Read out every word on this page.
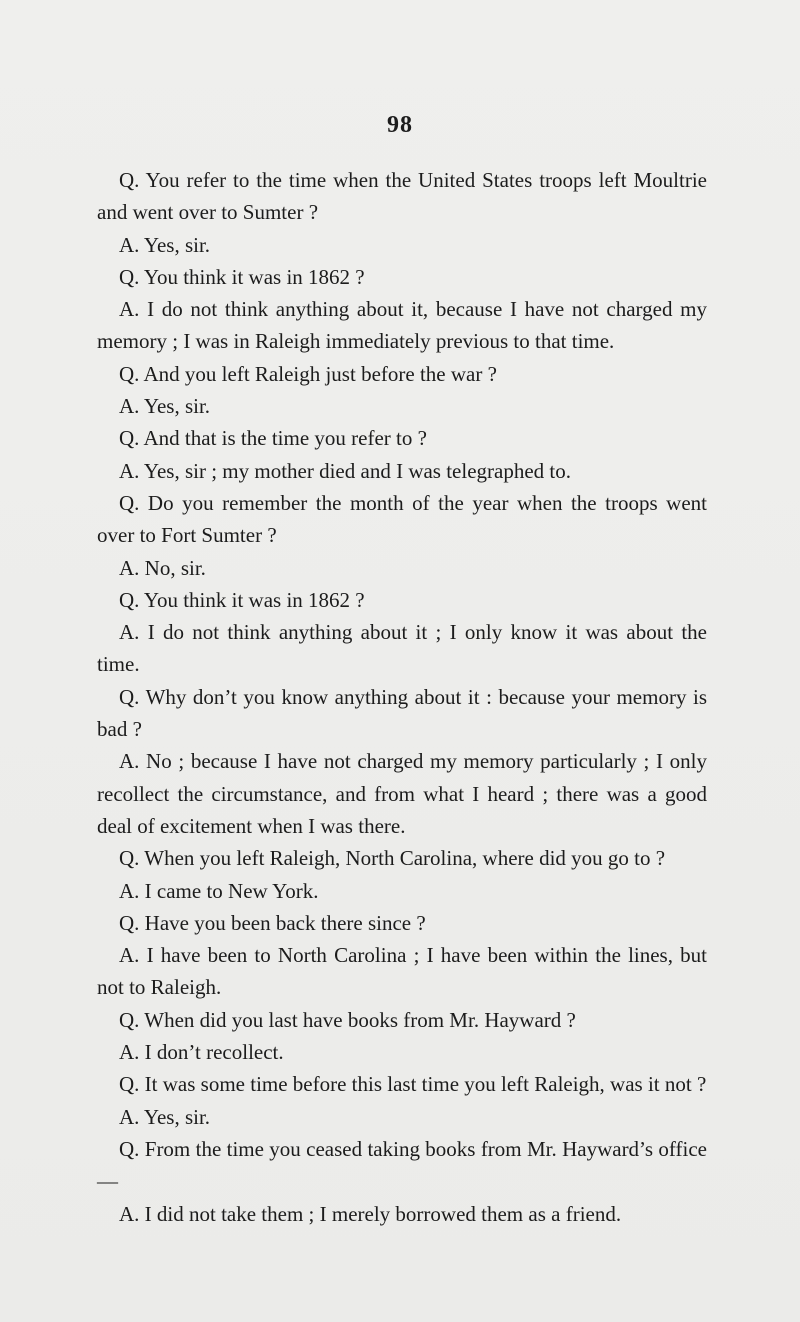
98

Q. You refer to the time when the United States troops left Moultrie and went over to Sumter ?

A. Yes, sir.

Q. You think it was in 1862 ?

A. I do not think anything about it, because I have not charged my memory ; I was in Raleigh immediately previous to that time.

Q. And you left Raleigh just before the war ?

A. Yes, sir.

Q. And that is the time you refer to ?

A. Yes, sir ; my mother died and I was telegraphed to.

Q. Do you remember the month of the year when the troops went over to Fort Sumter ?

A. No, sir.

Q. You think it was in 1862 ?

A. I do not think anything about it ; I only know it was about the time.

Q. Why don’t you know anything about it : because your memory is bad ?

A. No ; because I have not charged my memory particularly ; I only recollect the circumstance, and from what I heard ; there was a good deal of excitement when I was there.

Q. When you left Raleigh, North Carolina, where did you go to ?

A. I came to New York.

Q. Have you been back there since ?

A. I have been to North Carolina ; I have been within the lines, but not to Raleigh.

Q. When did you last have books from Mr. Hayward ?

A. I don’t recollect.

Q. It was some time before this last time you left Raleigh, was it not ?

A. Yes, sir.

Q. From the time you ceased taking books from Mr. Hayward’s office—

A. I did not take them ; I merely borrowed them as a friend.
